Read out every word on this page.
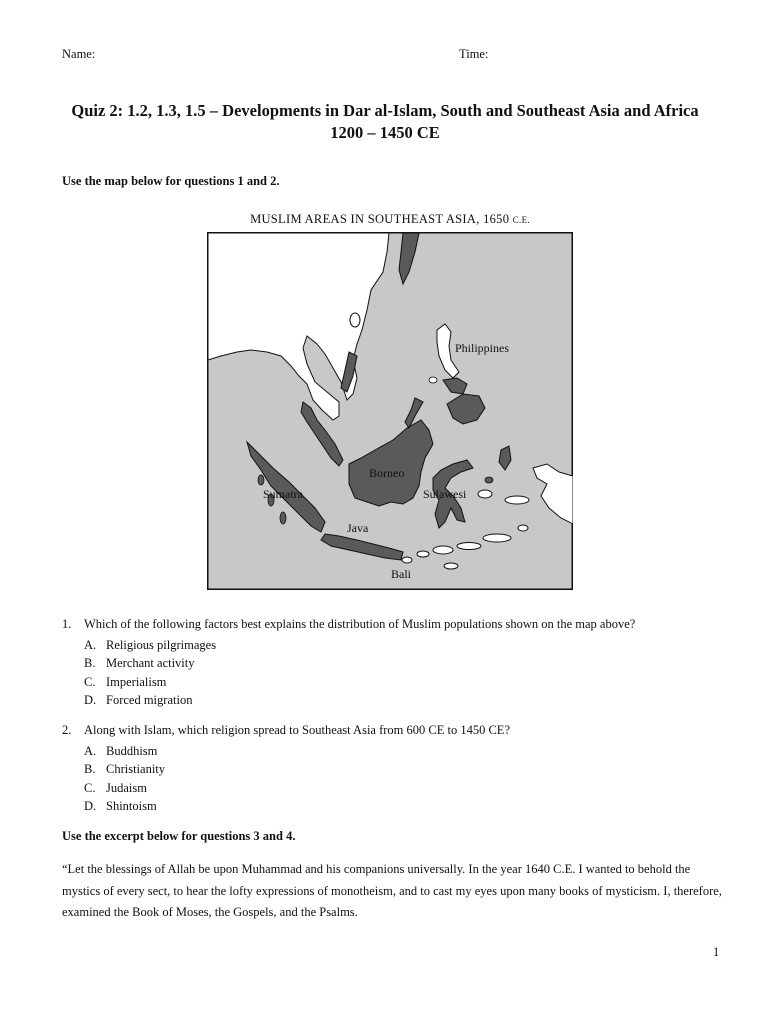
Name:	Time:
Quiz 2: 1.2, 1.3, 1.5 – Developments in Dar al-Islam, South and Southeast Asia and Africa 1200 – 1450 CE
Use the map below for questions 1 and 2.
MUSLIM AREAS IN SOUTHEAST ASIA, 1650 C.E.
Philippines
Borneo
Sumatra	Sulawesi
Java
Bali
1.	Which of the following factors best explains the distribution of Muslim populations shown on the map above?
A. Religious pilgrimages
B. Merchant activity
C. Imperialism
D. Forced migration
2.	Along with Islam, which religion spread to Southeast Asia from 600 CE to 1450 CE?
A. Buddhism
B. Christianity
C. Judaism
D. Shintoism
Use the excerpt below for questions 3 and 4.
“Let the blessings of Allah be upon Muhammad and his companions universally. In the year 1640 C.E. I wanted to behold the mystics of every sect, to hear the lofty expressions of monotheism, and to cast my eyes upon many books of mysticism. I, therefore, examined the Book of Moses, the Gospels, and the Psalms.
1
